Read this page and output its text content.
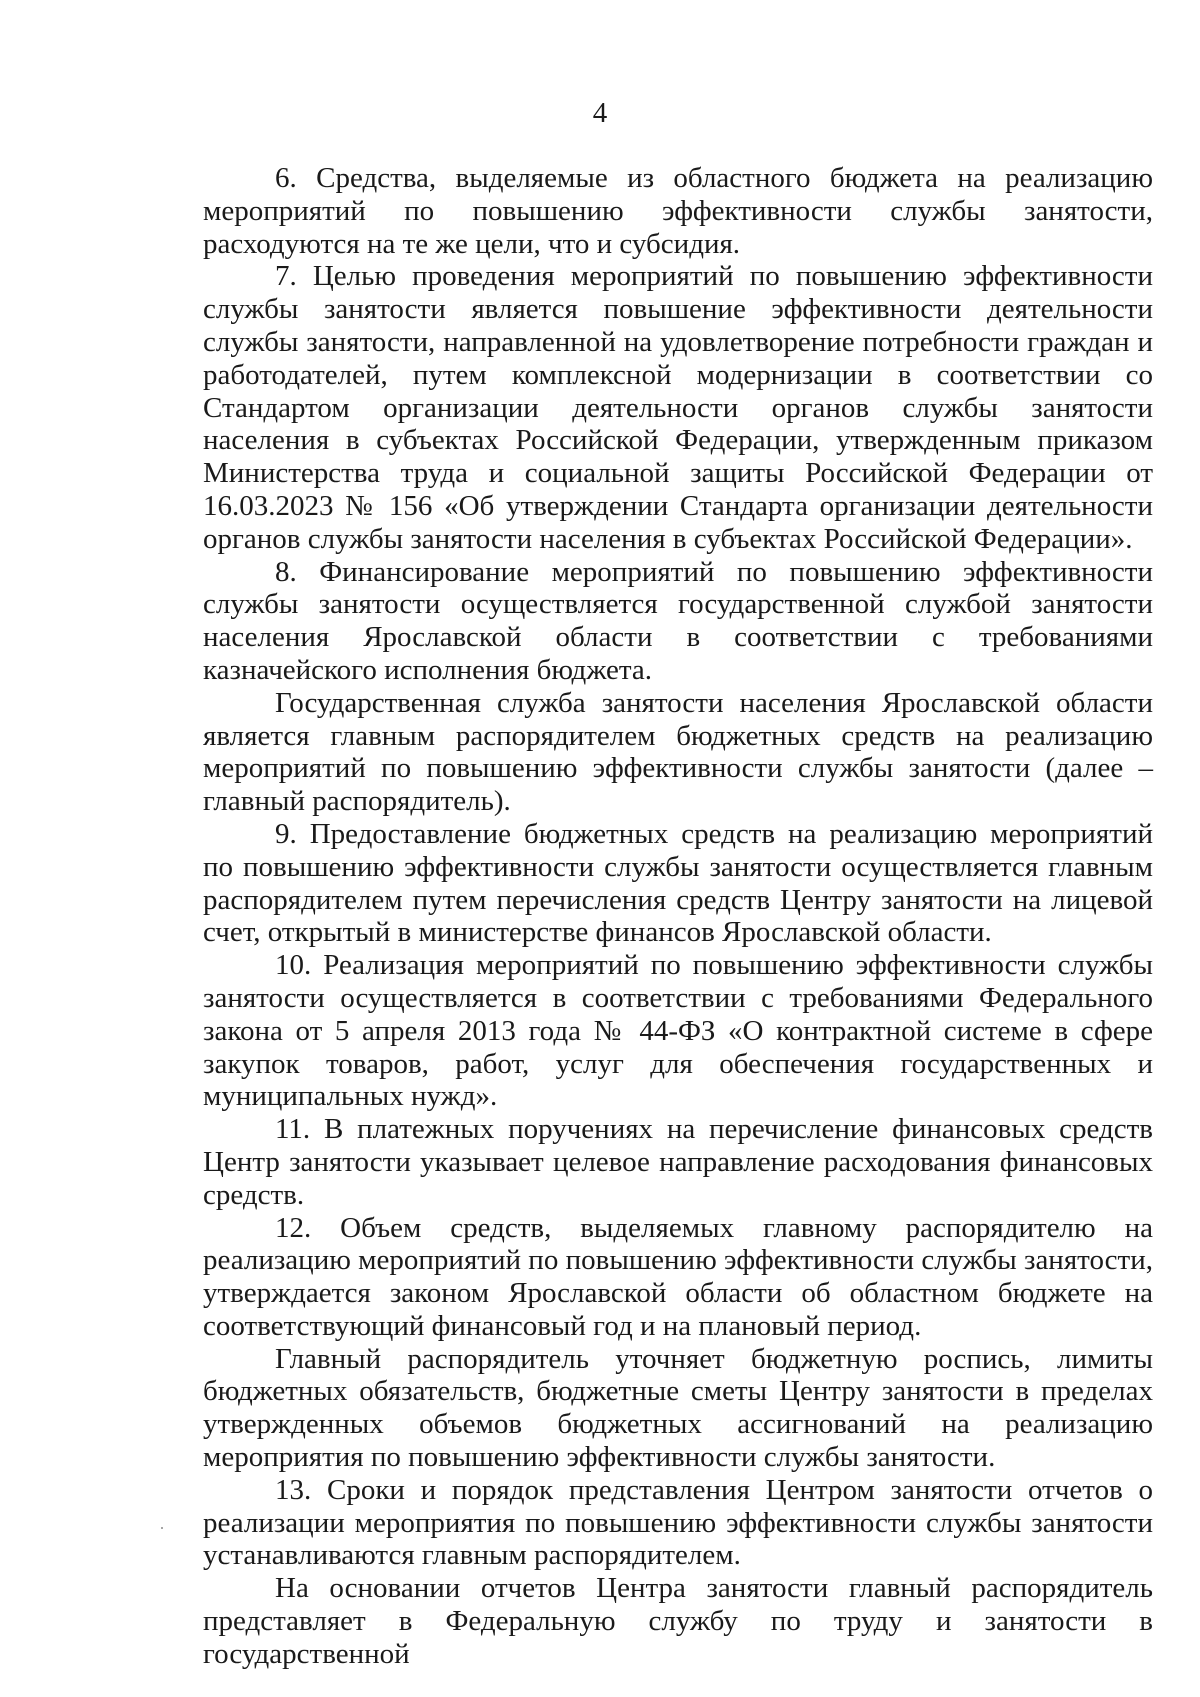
4

6. Средства, выделяемые из областного бюджета на реализацию мероприятий по повышению эффективности службы занятости, расходуются на те же цели, что и субсидия.

7. Целью проведения мероприятий по повышению эффективности службы занятости является повышение эффективности деятельности службы занятости, направленной на удовлетворение потребности граждан и работодателей, путем комплексной модернизации в соответствии со Стандартом организации деятельности органов службы занятости населения в субъектах Российской Федерации, утвержденным приказом Министерства труда и социальной защиты Российской Федерации от 16.03.2023 № 156 «Об утверждении Стандарта организации деятельности органов службы занятости населения в субъектах Российской Федерации».

8. Финансирование мероприятий по повышению эффективности службы занятости осуществляется государственной службой занятости населения Ярославской области в соответствии с требованиями казначейского исполнения бюджета.

Государственная служба занятости населения Ярославской области является главным распорядителем бюджетных средств на реализацию мероприятий по повышению эффективности службы занятости (далее – главный распорядитель).

9. Предоставление бюджетных средств на реализацию мероприятий по повышению эффективности службы занятости осуществляется главным распорядителем путем перечисления средств Центру занятости на лицевой счет, открытый в министерстве финансов Ярославской области.

10. Реализация мероприятий по повышению эффективности службы занятости осуществляется в соответствии с требованиями Федерального закона от 5 апреля 2013 года № 44-ФЗ «О контрактной системе в сфере закупок товаров, работ, услуг для обеспечения государственных и муниципальных нужд».

11. В платежных поручениях на перечисление финансовых средств Центр занятости указывает целевое направление расходования финансовых средств.

12. Объем средств, выделяемых главному распорядителю на реализацию мероприятий по повышению эффективности службы занятости, утверждается законом Ярославской области об областном бюджете на соответствующий финансовый год и на плановый период.

Главный распорядитель уточняет бюджетную роспись, лимиты бюджетных обязательств, бюджетные сметы Центру занятости в пределах утвержденных объемов бюджетных ассигнований на реализацию мероприятия по повышению эффективности службы занятости.

13. Сроки и порядок представления Центром занятости отчетов о реализации мероприятия по повышению эффективности службы занятости устанавливаются главным распорядителем.

На основании отчетов Центра занятости главный распорядитель представляет в Федеральную службу по труду и занятости в государственной
